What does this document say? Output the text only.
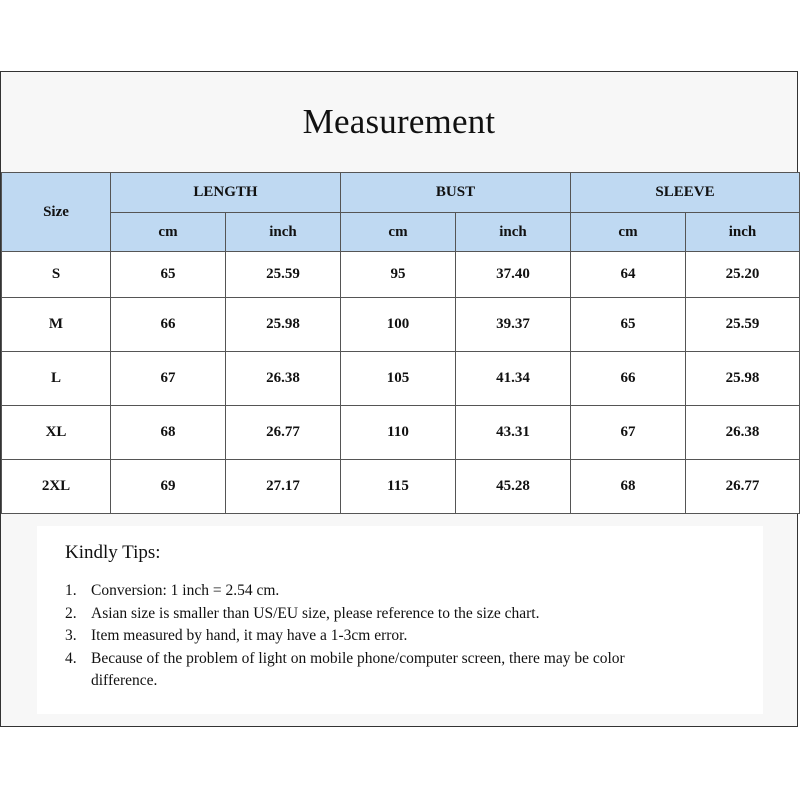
Measurement
Size	LENGTH		BUST		SLEEVE	
	cm	inch	cm	inch	cm	inch
S	65	25.59	95	37.40	64	25.20
M	66	25.98	100	39.37	65	25.59
L	67	26.38	105	41.34	66	25.98
XL	68	26.77	110	43.31	67	26.38
2XL	69	27.17	115	45.28	68	26.77
Kindly Tips:
1. Conversion: 1 inch = 2.54 cm.
2. Asian size is smaller than US/EU size, please reference to the size chart.
3. Item measured by hand, it may have a 1-3cm error.
4. Because of the problem of light on mobile phone/computer screen, there may be color difference.
